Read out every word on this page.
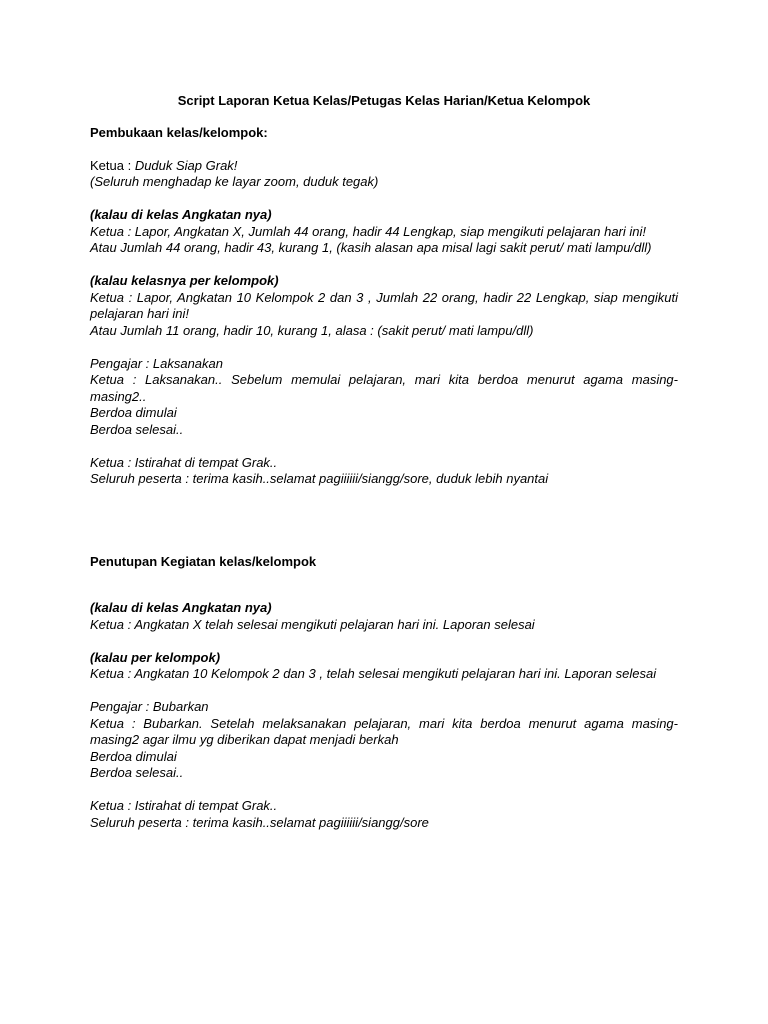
Script Laporan Ketua Kelas/Petugas Kelas Harian/Ketua Kelompok

Pembukaan kelas/kelompok:

Ketua : Duduk Siap Grak!

(Seluruh menghadap ke layar zoom, duduk tegak)

(kalau di kelas Angkatan nya)

Ketua : Lapor, Angkatan X, Jumlah 44 orang, hadir 44 Lengkap, siap mengikuti pelajaran hari ini!

Atau Jumlah 44 orang, hadir 43, kurang 1, (kasih alasan apa misal lagi sakit perut/ mati lampu/dll)

(kalau kelasnya per kelompok)

Ketua : Lapor, Angkatan 10 Kelompok 2 dan 3 , Jumlah 22 orang, hadir 22 Lengkap, siap mengikuti pelajaran hari ini!

Atau Jumlah 11 orang, hadir 10, kurang 1, alasa : (sakit perut/ mati lampu/dll)

Pengajar : Laksanakan

Ketua : Laksanakan.. Sebelum memulai pelajaran, mari kita berdoa menurut agama masing-masing2..

Berdoa dimulai

Berdoa selesai..

Ketua : Istirahat di tempat Grak..

Seluruh peserta : terima kasih..selamat pagiiiiii/siangg/sore, duduk lebih nyantai

Penutupan Kegiatan kelas/kelompok

(kalau di kelas Angkatan nya)

Ketua : Angkatan X telah selesai mengikuti pelajaran hari ini. Laporan selesai

(kalau per kelompok)

Ketua : Angkatan 10 Kelompok 2 dan 3 , telah selesai mengikuti pelajaran hari ini. Laporan selesai

Pengajar : Bubarkan

Ketua : Bubarkan. Setelah melaksanakan pelajaran, mari kita berdoa menurut agama masing-masing2 agar ilmu yg diberikan dapat menjadi berkah

Berdoa dimulai

Berdoa selesai..

Ketua : Istirahat di tempat Grak..

Seluruh peserta : terima kasih..selamat pagiiiiii/siangg/sore
